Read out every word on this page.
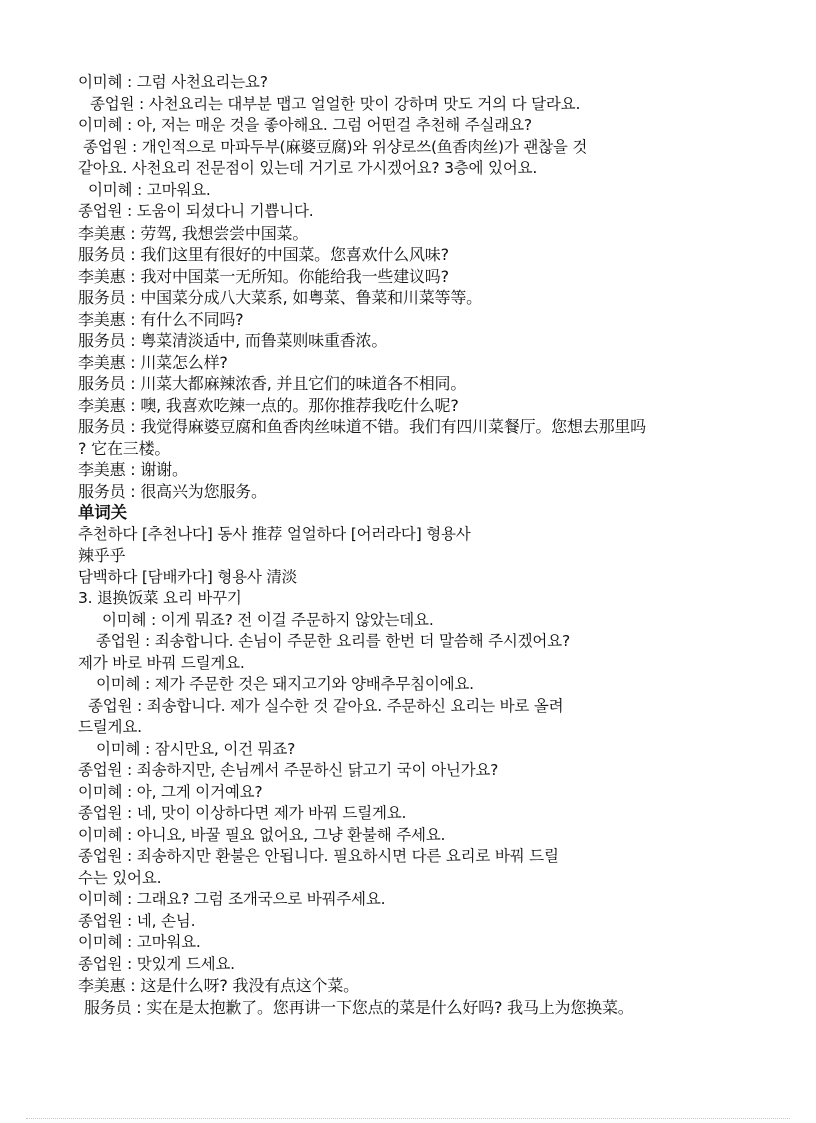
이미혜 : 그럼 사천요리는요?
종업원 : 사천요리는 대부분 맵고 얼얼한 맛이 강하며 맛도 거의 다 달라요.
이미혜 : 아, 저는 매운 것을 좋아해요. 그럼 어떤걸 추천해 주실래요?
종업원 : 개인적으로 마파두부(麻婆豆腐)와 위샹로쓰(鱼香肉丝)가 괜찮을 것
같아요. 사천요리 전문점이 있는데 거기로 가시겠어요? 3층에 있어요.
이미혜 : 고마워요.
종업원 : 도움이 되셨다니 기쁩니다.
李美惠 : 劳驾, 我想尝尝中国菜。
服务员 : 我们这里有很好的中国菜。您喜欢什么风味?
李美惠 : 我对中国菜一无所知。你能给我一些建议吗?
服务员 : 中国菜分成八大菜系, 如粤菜、鲁菜和川菜等等。
李美惠 : 有什么不同吗?
服务员 : 粤菜清淡适中, 而鲁菜则味重香浓。
李美惠 : 川菜怎么样?
服务员 : 川菜大都麻辣浓香, 并且它们的味道各不相同。
李美惠 : 噢, 我喜欢吃辣一点的。那你推荐我吃什么呢?
服务员 : 我觉得麻婆豆腐和鱼香肉丝味道不错。我们有四川菜餐厅。您想去那里吗
? 它在三楼。
李美惠 : 谢谢。
服务员 : 很高兴为您服务。
单词关
추천하다 [추천나다] 동사 推荐 얼얼하다 [어러라다] 형용사
辣乎乎
담백하다 [담배카다] 형용사 清淡
3. 退换饭菜 요리 바꾸기
이미혜 : 이게 뭐죠? 전 이걸 주문하지 않았는데요.
종업원 : 죄송합니다. 손님이 주문한 요리를 한번 더 말씀해 주시겠어요?
제가 바로 바꿔 드릴게요.
이미혜 : 제가 주문한 것은 돼지고기와 양배추무침이에요.
종업원 : 죄송합니다. 제가 실수한 것 같아요. 주문하신 요리는 바로 올려
드릴게요.
이미혜 : 잠시만요, 이건 뭐죠?
종업원 : 죄송하지만, 손님께서 주문하신 닭고기 국이 아닌가요?
이미혜 : 아, 그게 이거예요?
종업원 : 네, 맛이 이상하다면 제가 바꿔 드릴게요.
이미혜 : 아니요, 바꿀 필요 없어요, 그냥 환불해 주세요.
종업원 : 죄송하지만 환불은 안됩니다. 필요하시면 다른 요리로 바꿔 드릴
수는 있어요.
이미혜 : 그래요? 그럼 조개국으로 바꿔주세요.
종업원 : 네, 손님.
이미혜 : 고마워요.
종업원 : 맛있게 드세요.
李美惠 : 这是什么呀? 我没有点这个菜。
服务员 : 实在是太抱歉了。您再讲一下您点的菜是什么好吗? 我马上为您换菜。
